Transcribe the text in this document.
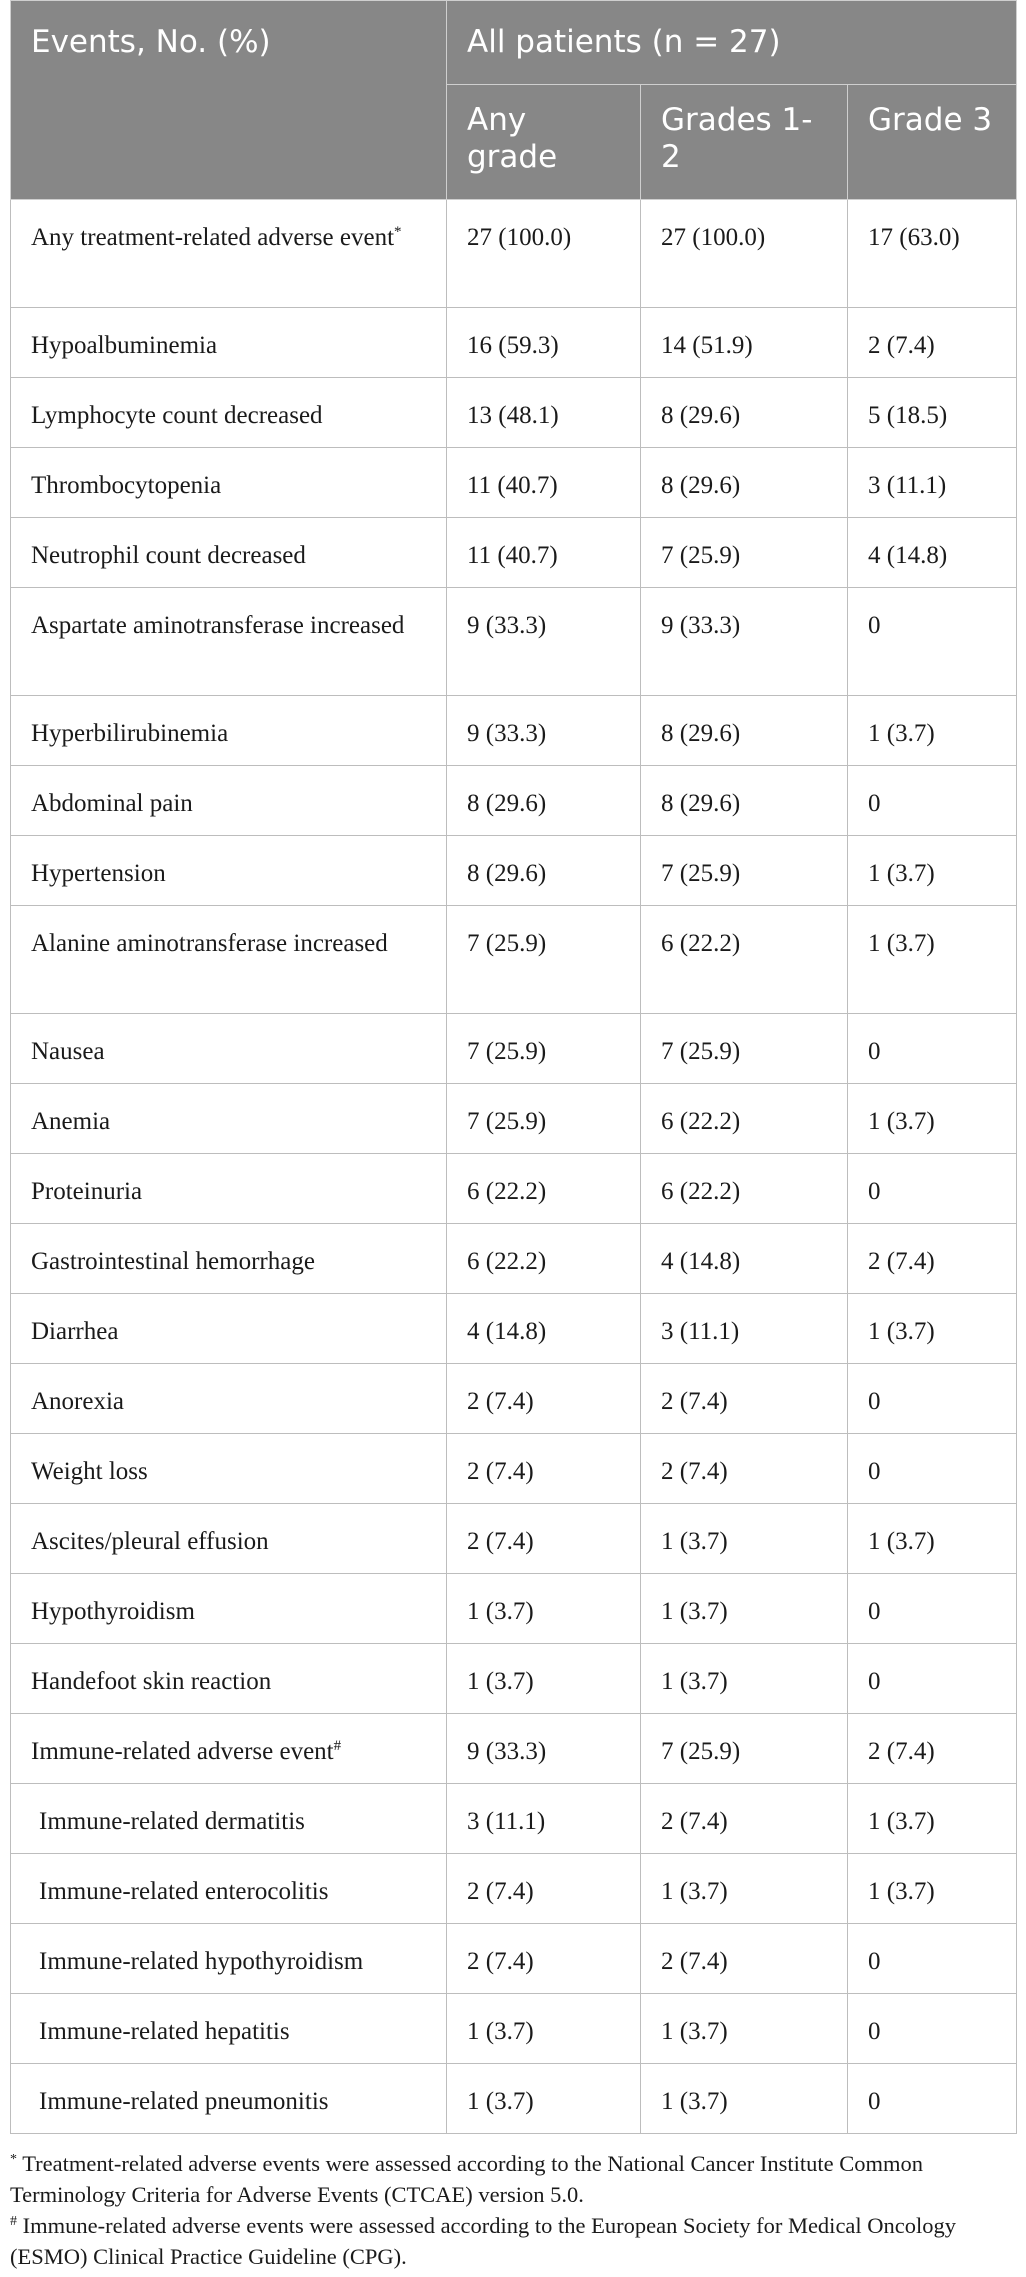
Events, No. (%)	All patients (n = 27)		
	Any grade	Grades 1-2	Grade 3
Any treatment-related adverse event*	27 (100.0)	27 (100.0)	17 (63.0)
Hypoalbuminemia	16 (59.3)	14 (51.9)	2 (7.4)
Lymphocyte count decreased	13 (48.1)	8 (29.6)	5 (18.5)
Thrombocytopenia	11 (40.7)	8 (29.6)	3 (11.1)
Neutrophil count decreased	11 (40.7)	7 (25.9)	4 (14.8)
Aspartate aminotransferase increased	9 (33.3)	9 (33.3)	0
Hyperbilirubinemia	9 (33.3)	8 (29.6)	1 (3.7)
Abdominal pain	8 (29.6)	8 (29.6)	0
Hypertension	8 (29.6)	7 (25.9)	1 (3.7)
Alanine aminotransferase increased	7 (25.9)	6 (22.2)	1 (3.7)
Nausea	7 (25.9)	7 (25.9)	0
Anemia	7 (25.9)	6 (22.2)	1 (3.7)
Proteinuria	6 (22.2)	6 (22.2)	0
Gastrointestinal hemorrhage	6 (22.2)	4 (14.8)	2 (7.4)
Diarrhea	4 (14.8)	3 (11.1)	1 (3.7)
Anorexia	2 (7.4)	2 (7.4)	0
Weight loss	2 (7.4)	2 (7.4)	0
Ascites/pleural effusion	2 (7.4)	1 (3.7)	1 (3.7)
Hypothyroidism	1 (3.7)	1 (3.7)	0
Handefoot skin reaction	1 (3.7)	1 (3.7)	0
Immune-related adverse event#	9 (33.3)	7 (25.9)	2 (7.4)
Immune-related dermatitis	3 (11.1)	2 (7.4)	1 (3.7)
Immune-related enterocolitis	2 (7.4)	1 (3.7)	1 (3.7)
Immune-related hypothyroidism	2 (7.4)	2 (7.4)	0
Immune-related hepatitis	1 (3.7)	1 (3.7)	0
Immune-related pneumonitis	1 (3.7)	1 (3.7)	0
* Treatment-related adverse events were assessed according to the National Cancer Institute Common Terminology Criteria for Adverse Events (CTCAE) version 5.0.
# Immune-related adverse events were assessed according to the European Society for Medical Oncology (ESMO) Clinical Practice Guideline (CPG).
